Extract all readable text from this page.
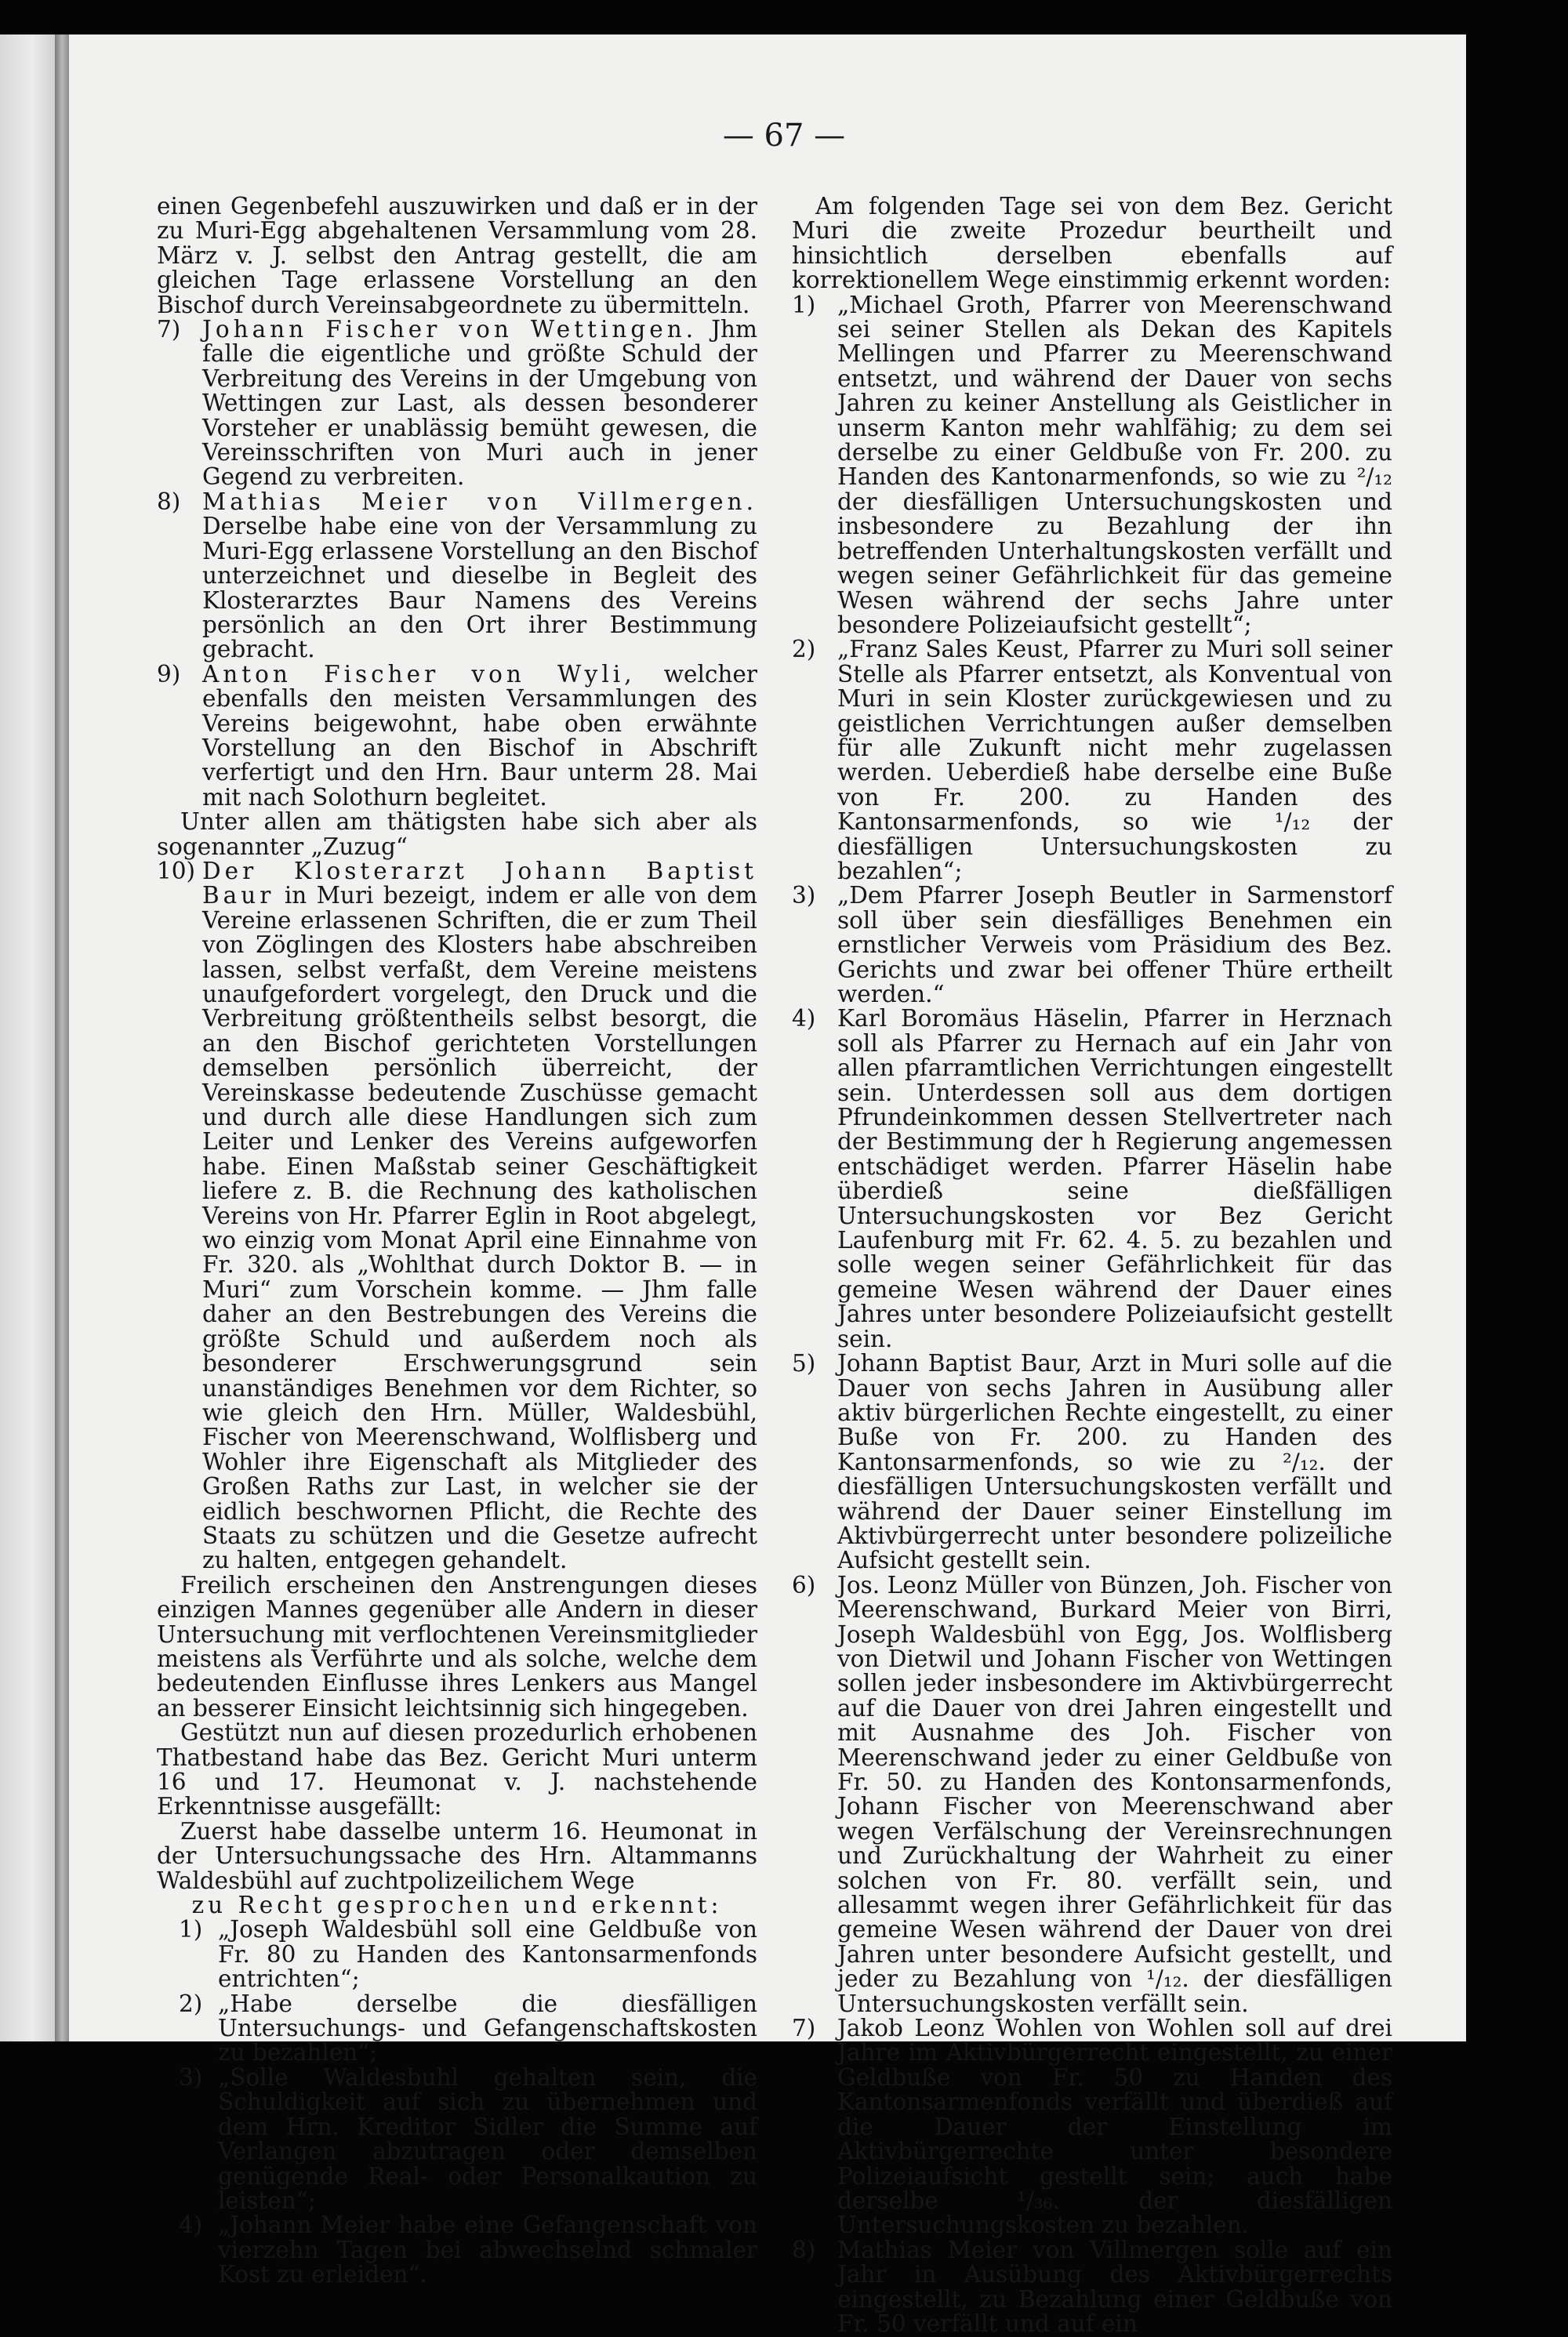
— 67 —

einen Gegenbefehl auszuwirken und daß er in der zu Muri-Egg abgehaltenen Versammlung vom 28. März v. J. selbst den Antrag gestellt, die am gleichen Tage erlassene Vorstellung an den Bischof durch Vereinsabgeordnete zu übermitteln.

7) Johann Fischer von Wettingen. Jhm falle die eigentliche und größte Schuld der Verbreitung des Vereins in der Umgebung von Wettingen zur Last, als dessen besonderer Vorsteher er unablässig bemüht gewesen, die Vereinsschriften von Muri auch in jener Gegend zu verbreiten.
8) Mathias Meier von Villmergen. Derselbe habe eine von der Versammlung zu Muri-Egg erlassene Vorstellung an den Bischof unterzeichnet und dieselbe in Begleit des Klosterarztes Baur Namens des Vereins persönlich an den Ort ihrer Bestimmung gebracht.
9) Anton Fischer von Wyli, welcher ebenfalls den meisten Versammlungen des Vereins beigewohnt, habe oben erwähnte Vorstellung an den Bischof in Abschrift verfertigt und den Hrn. Baur unterm 28. Mai mit nach Solothurn begleitet.

Unter allen am thätigsten habe sich aber als sogenannter „Zuzug“

10) Der Klosterarzt Johann Baptist Baur in Muri bezeigt, indem er alle von dem Vereine erlassenen Schriften, die er zum Theil von Zöglingen des Klosters habe abschreiben lassen, selbst verfaßt, dem Vereine meistens unaufgefordert vorgelegt, den Druck und die Verbreitung größtentheils selbst besorgt, die an den Bischof gerichteten Vorstellungen demselben persönlich überreicht, der Vereinskasse bedeutende Zuschüsse gemacht und durch alle diese Handlungen sich zum Leiter und Lenker des Vereins aufgeworfen habe. Einen Maßstab seiner Geschäftigkeit liefere z. B. die Rechnung des katholischen Vereins von Hr. Pfarrer Eglin in Root abgelegt, wo einzig vom Monat April eine Einnahme von Fr. 320. als „Wohlthat durch Doktor B. — in Muri“ zum Vorschein komme. — Jhm falle daher an den Bestrebungen des Vereins die größte Schuld und außerdem noch als besonderer Erschwerungsgrund sein unanständiges Benehmen vor dem Richter, so wie gleich den Hrn. Müller, Waldesbühl, Fischer von Meerenschwand, Wolflisberg und Wohler ihre Eigenschaft als Mitglieder des Großen Raths zur Last, in welcher sie der eidlich beschwornen Pflicht, die Rechte des Staats zu schützen und die Gesetze aufrecht zu halten, entgegen gehandelt.

Freilich erscheinen den Anstrengungen dieses einzigen Mannes gegenüber alle Andern in dieser Untersuchung mit verflochtenen Vereinsmitglieder meistens als Verführte und als solche, welche dem bedeutenden Einflusse ihres Lenkers aus Mangel an besserer Einsicht leichtsinnig sich hingegeben.

Gestützt nun auf diesen prozedurlich erhobenen Thatbestand habe das Bez. Gericht Muri unterm 16 und 17. Heumonat v. J. nachstehende Erkenntnisse ausgefällt:

Zuerst habe dasselbe unterm 16. Heumonat in der Untersuchungssache des Hrn. Altammanns Waldesbühl auf zuchtpolizeilichem Wege

zu Recht gesprochen und erkennt:

1) „Joseph Waldesbühl soll eine Geldbuße von Fr. 80 zu Handen des Kantonsarmenfonds entrichten“;
2) „Habe derselbe die diesfälligen Untersuchungs- und Gefangenschaftskosten zu bezahlen“;
3) „Solle Waldesbuhl gehalten sein, die Schuldigkeit auf sich zu übernehmen und dem Hrn. Kreditor Sidler die Summe auf Verlangen abzutragen oder demselben genügende Real- oder Personalkaution zu leisten“;
4) „Johann Meier habe eine Gefangenschaft von vierzehn Tagen bei abwechselnd schmaler Kost zu erleiden“.

Am folgenden Tage sei von dem Bez. Gericht Muri die zweite Prozedur beurtheilt und hinsichtlich derselben ebenfalls auf korrektionellem Wege einstimmig erkennt worden:

1) „Michael Groth, Pfarrer von Meerenschwand sei seiner Stellen als Dekan des Kapitels Mellingen und Pfarrer zu Meerenschwand entsetzt, und während der Dauer von sechs Jahren zu keiner Anstellung als Geistlicher in unserm Kanton mehr wahlfähig; zu dem sei derselbe zu einer Geldbuße von Fr. 200. zu Handen des Kantonarmenfonds, so wie zu ²/₁₂ der diesfälligen Untersuchungskosten und insbesondere zu Bezahlung der ihn betreffenden Unterhaltungskosten verfällt und wegen seiner Gefährlichkeit für das gemeine Wesen während der sechs Jahre unter besondere Polizeiaufsicht gestellt“;
2) „Franz Sales Keust, Pfarrer zu Muri soll seiner Stelle als Pfarrer entsetzt, als Konventual von Muri in sein Kloster zurückgewiesen und zu geistlichen Verrichtungen außer demselben für alle Zukunft nicht mehr zugelassen werden. Ueberdieß habe derselbe eine Buße von Fr. 200. zu Handen des Kantonsarmenfonds, so wie ¹/₁₂ der diesfälligen Untersuchungskosten zu bezahlen“;
3) „Dem Pfarrer Joseph Beutler in Sarmenstorf soll über sein diesfälliges Benehmen ein ernstlicher Verweis vom Präsidium des Bez. Gerichts und zwar bei offener Thüre ertheilt werden.“
4) Karl Boromäus Häselin, Pfarrer in Herznach soll als Pfarrer zu Hernach auf ein Jahr von allen pfarramtlichen Verrichtungen eingestellt sein. Unterdessen soll aus dem dortigen Pfrundeinkommen dessen Stellvertreter nach der Bestimmung der h Regierung angemessen entschädiget werden. Pfarrer Häselin habe überdieß seine dießfälligen Untersuchungskosten vor Bez Gericht Laufenburg mit Fr. 62. 4. 5. zu bezahlen und solle wegen seiner Gefährlichkeit für das gemeine Wesen während der Dauer eines Jahres unter besondere Polizeiaufsicht gestellt sein.
5) Johann Baptist Baur, Arzt in Muri solle auf die Dauer von sechs Jahren in Ausübung aller aktiv bürgerlichen Rechte eingestellt, zu einer Buße von Fr. 200. zu Handen des Kantonsarmenfonds, so wie zu ²/₁₂. der diesfälligen Untersuchungskosten verfällt und während der Dauer seiner Einstellung im Aktivbürgerrecht unter besondere polizeiliche Aufsicht gestellt sein.
6) Jos. Leonz Müller von Bünzen, Joh. Fischer von Meerenschwand, Burkard Meier von Birri, Joseph Waldesbühl von Egg, Jos. Wolflisberg von Dietwil und Johann Fischer von Wettingen sollen jeder insbesondere im Aktivbürgerrecht auf die Dauer von drei Jahren eingestellt und mit Ausnahme des Joh. Fischer von Meerenschwand jeder zu einer Geldbuße von Fr. 50. zu Handen des Kontonsarmenfonds, Johann Fischer von Meerenschwand aber wegen Verfälschung der Vereinsrechnungen und Zurückhaltung der Wahrheit zu einer solchen von Fr. 80. verfällt sein, und allesammt wegen ihrer Gefährlichkeit für das gemeine Wesen während der Dauer von drei Jahren unter besondere Aufsicht gestellt, und jeder zu Bezahlung von ¹/₁₂. der diesfälligen Untersuchungskosten verfällt sein.
7) Jakob Leonz Wohlen von Wohlen soll auf drei Jahre im Aktivbürgerrecht eingestellt, zu einer Geldbuße von Fr. 50 zu Handen des Kantonsarmenfonds verfällt und überdieß auf die Dauer der Einstellung im Aktivbürgerrechte unter besondere Polizeiaufsicht gestellt sein; auch habe derselbe ¹/₃₆. der diesfälligen Untersuchungskosten zu bezahlen.
8) Mathias Meier von Villmergen solle auf ein Jahr in Ausübung des Aktivbürgerrechts eingestellt, zu Bezahlung einer Geldbuße von Fr. 50 verfällt und auf ein
